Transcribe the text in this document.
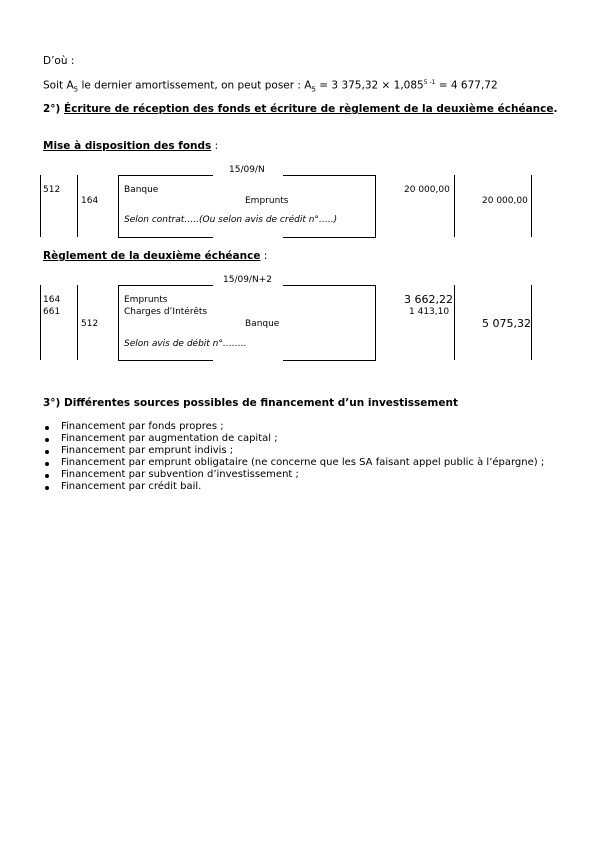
D’où :
Soit $A_5$ le dernier amortissement, on peut poser : $A_5 = 3$ $375,32 \times 1,085^{5 -1} = 4$ 677,72
2°) Écriture de réception des fonds et écriture de règlement de la deuxième échéance.
Mise à disposition des fonds :
15/09/N
512
164
Banque
Emprunts
Selon contrat…..(Ou selon avis de crédit n°…..)
20 000,00
20 000,00
Règlement de la deuxième échéance :
15/09/N+2
164
661
512
Emprunts
Charges d’Intérêts
Banque
Selon avis de débit n°……..
3 662,22
1 413,10
5 075,32
3°) Différentes sources possibles de financement d’un investissement
Financement par fonds propres ;
Financement par augmentation de capital ;
Financement par emprunt indivis ;
Financement par emprunt obligataire (ne concerne que les SA faisant appel public à l’épargne) ;
Financement par subvention d’investissement ;
Financement par crédit bail.
